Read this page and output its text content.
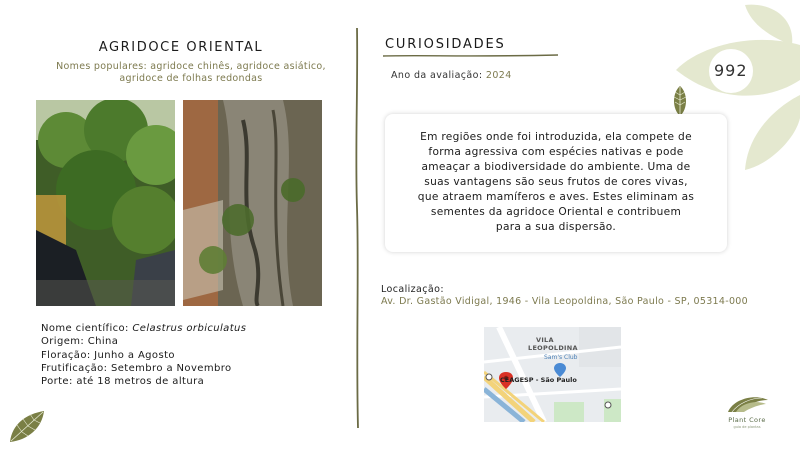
992
AGRIDOCE ORIENTAL
Nomes populares: agridoce chinês, agridoce asiático,
agridoce de folhas redondas
Nome científico: Celastrus orbiculatus
Origem: China
Floração: Junho a Agosto
Frutificação: Setembro a Novembro
Porte: até 18 metros de altura
CURIOSIDADES
Ano da avaliação: 2024
Em regiões onde foi introduzida, ela compete de
forma agressiva com espécies nativas e pode
ameaçar a biodiversidade do ambiente. Uma de
suas vantagens são seus frutos de cores vivas,
que atraem mamíferos e aves. Estes eliminam as
sementes da agridoce Oriental e contribuem
para a sua dispersão.
Localização:
Av. Dr. Gastão Vidigal, 1946 - Vila Leopoldina, São Paulo - SP, 05314-000
VILA
LEOPOLDINA
Sam's Club
CEAGESP - São Paulo
Plant Core
guia de plantas
